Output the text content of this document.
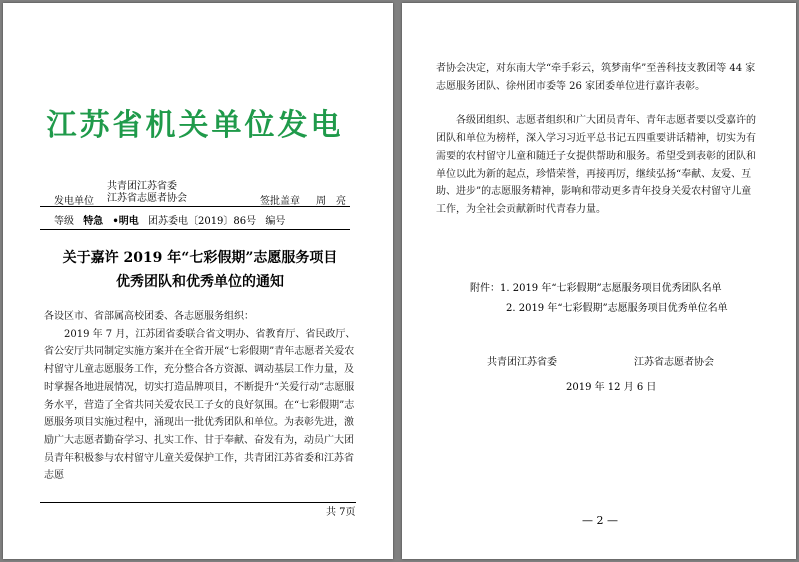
江苏省机关单位发电
发电单位
共青团江苏省委
江苏省志愿者协会	签批盖章 周　亮
等级 特急 •明电 团苏委电〔2019〕86号 编号
关于嘉许 2019 年“七彩假期”志愿服务项目
优秀团队和优秀单位的通知

各设区市、省部属高校团委、各志愿服务组织：

2019 年 7 月，江苏团省委联合省文明办、省教育厅、省民政厅、省公安厅共同制定实施方案并在全省开展“七彩假期”青年志愿者关爱农村留守儿童志愿服务工作，充分整合各方资源、调动基层工作力量，及时掌握各地进展情况，切实打造品牌项目，不断提升“关爱行动”志愿服务水平，营造了全省共同关爱农民工子女的良好氛围。在“七彩假期”志愿服务项目实施过程中，涌现出一批优秀团队和单位。为表彰先进，激励广大志愿者勤奋学习、扎实工作、甘于奉献、奋发有为，动员广大团员青年积极参与农村留守儿童关爱保护工作，共青团江苏省委和江苏省志愿

共 7页

者协会决定，对东南大学“牵手彩云，筑梦南华”至善科技支教团等 44 家志愿服务团队、徐州团市委等 26 家团委单位进行嘉许表彰。

各级团组织、志愿者组织和广大团员青年、青年志愿者要以受嘉许的团队和单位为榜样，深入学习习近平总书记五四重要讲话精神，切实为有需要的农村留守儿童和随迁子女提供帮助和服务。希望受到表彰的团队和单位以此为新的起点，珍惜荣誉，再接再厉，继续弘扬“奉献、友爱、互助、进步”的志愿服务精神，影响和带动更多青年投身关爱农村留守儿童工作，为全社会贡献新时代青春力量。

附件：1. 2019 年“七彩假期”志愿服务项目优秀团队名单
2. 2019 年“七彩假期”志愿服务项目优秀单位名单
共青团江苏省委	江苏省志愿者协会
2019 年 12 月 6 日
— 2 —
